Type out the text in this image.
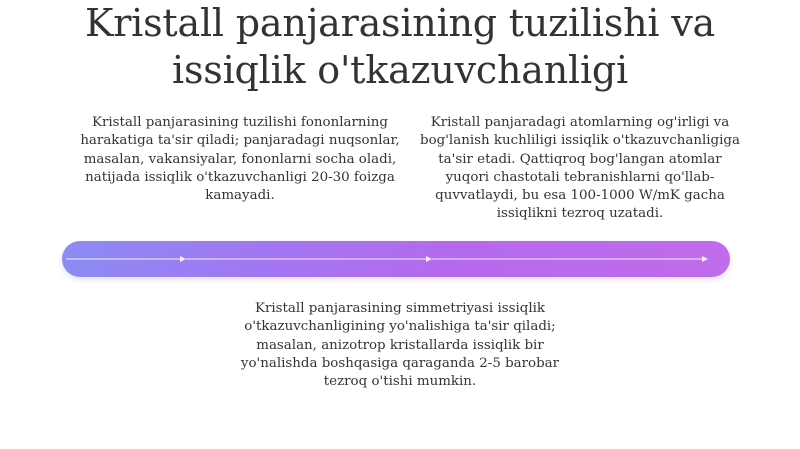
Kristall panjarasining tuzilishi va issiqlik o'tkazuvchanligi

Kristall panjarasining tuzilishi fononlarning harakatiga ta'sir qiladi; panjaradagi nuqsonlar, masalan, vakansiyalar, fononlarni socha oladi, natijada issiqlik o'tkazuvchanligi 20-30 foizga kamayadi.

Kristall panjaradagi atomlarning og'irligi va bog'lanish kuchliligi issiqlik o'tkazuvchanligiga ta'sir etadi. Qattiqroq bog'langan atomlar yuqori chastotali tebranishlarni qo'llab-quvvatlaydi, bu esa 100-1000 W/mK gacha issiqlikni tezroq uzatadi.

Kristall panjarasining simmetriyasi issiqlik o'tkazuvchanligining yo'nalishiga ta'sir qiladi; masalan, anizotrop kristallarda issiqlik bir yo'nalishda boshqasiga qaraganda 2-5 barobar tezroq o'tishi mumkin.
